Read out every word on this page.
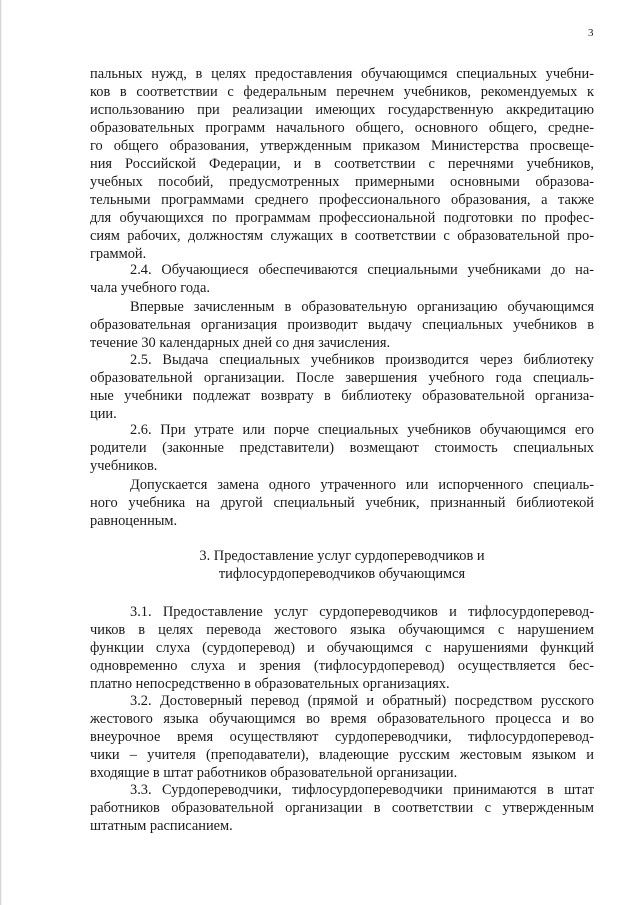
3
пальных нужд, в целях предоставления обучающимся специальных учебни-
ков в соответствии с федеральным перечнем учебников, рекомендуемых к
использованию при реализации имеющих государственную аккредитацию
образовательных программ начального общего, основного общего, средне-
го общего образования, утвержденным приказом Министерства просвеще-
ния Российской Федерации, и в соответствии с перечнями учебников,
учебных пособий, предусмотренных примерными основными образова-
тельными программами среднего профессионального образования, а также
для обучающихся по программам профессиональной подготовки по профес-
сиям рабочих, должностям служащих в соответствии с образовательной про-
граммой.
2.4. Обучающиеся обеспечиваются специальными учебниками до на-
чала учебного года.
Впервые зачисленным в образовательную организацию обучающимся
образовательная организация производит выдачу специальных учебников в
течение 30 календарных дней со дня зачисления.
2.5. Выдача специальных учебников производится через библиотеку
образовательной организации. После завершения учебного года специаль-
ные учебники подлежат возврату в библиотеку образовательной организа-
ции.
2.6. При утрате или порче специальных учебников обучающимся его
родители (законные представители) возмещают стоимость специальных
учебников.
Допускается замена одного утраченного или испорченного специаль-
ного учебника на другой специальный учебник, признанный библиотекой
равноценным.
3. Предоставление услуг сурдопереводчиков и
тифлосурдопереводчиков обучающимся
3.1. Предоставление услуг сурдопереводчиков и тифлосурдоперевод-
чиков в целях перевода жестового языка обучающимся с нарушением
функции слуха (сурдоперевод) и обучающимся с нарушениями функций
одновременно слуха и зрения (тифлосурдоперевод) осуществляется бес-
платно непосредственно в образовательных организациях.
3.2. Достоверный перевод (прямой и обратный) посредством русского
жестового языка обучающимся во время образовательного процесса и во
внеурочное время осуществляют сурдопереводчики, тифлосурдоперевод-
чики – учителя (преподаватели), владеющие русским жестовым языком и
входящие в штат работников образовательной организации.
3.3. Сурдопереводчики, тифлосурдопереводчики принимаются в штат
работников образовательной организации в соответствии с утвержденным
штатным расписанием.
